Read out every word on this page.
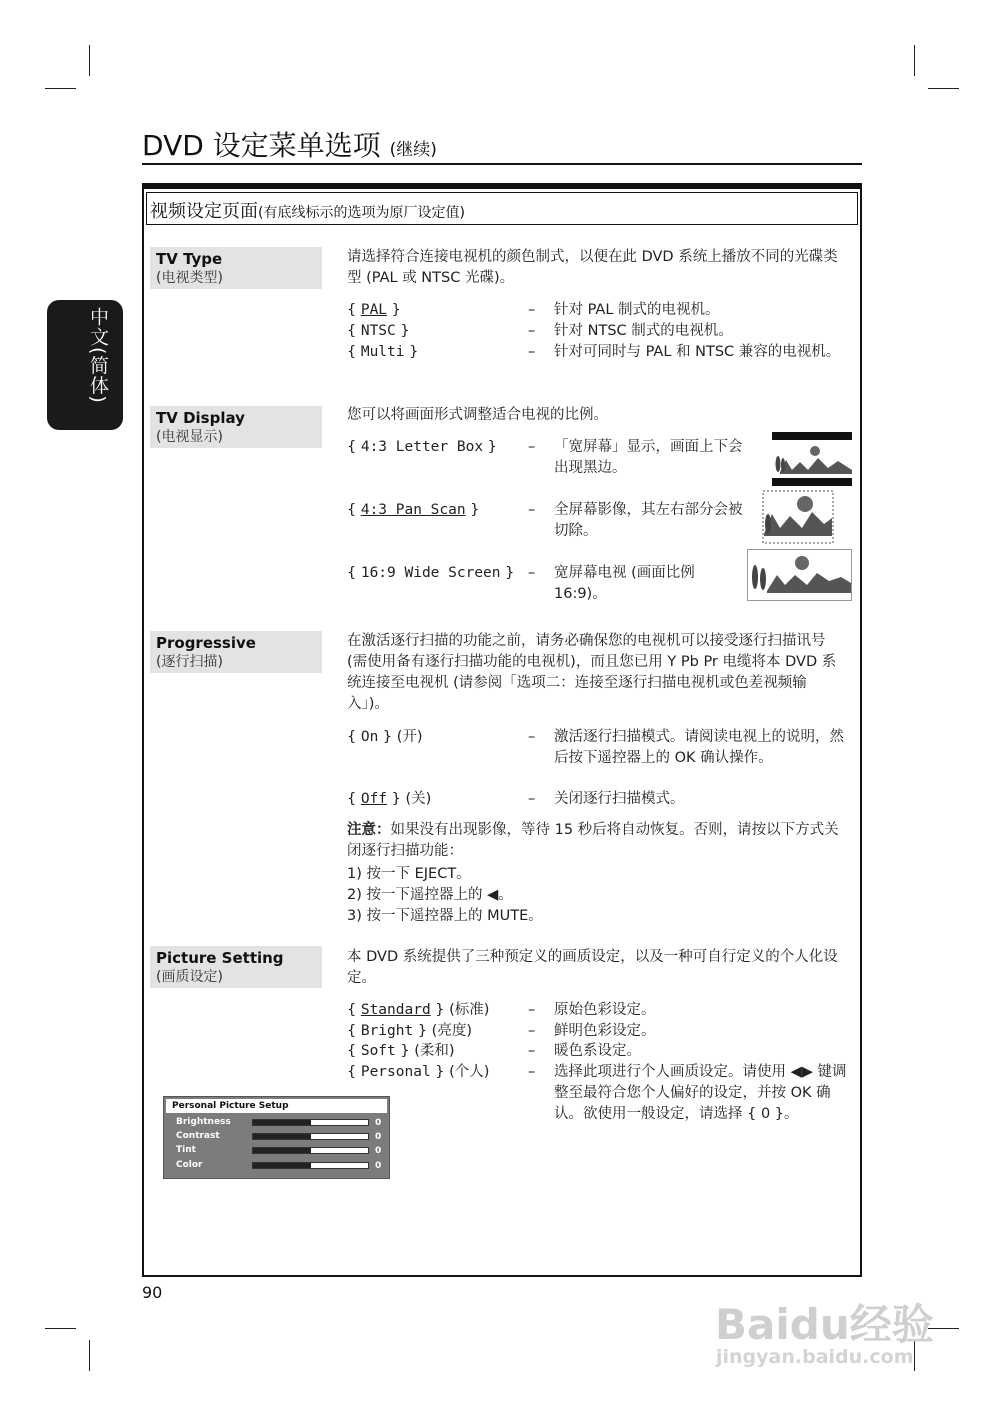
DVD 设定菜单选项 (继续)
中文(简体)
视频设定页面(有底线标示的选项为原厂设定值)
TV Type
(电视类型)
请选择符合连接电视机的颜色制式，以便在此 DVD 系统上播放不同的光碟类型 (PAL 或 NTSC 光碟)。
{ PAL }	– 针对 PAL 制式的电视机。
{ NTSC }	– 针对 NTSC 制式的电视机。
{ Multi }	– 针对可同时与 PAL 和 NTSC 兼容的电视机。
TV Display
(电视显示)
您可以将画面形式调整适合电视的比例。
{ 4:3 Letter Box } – 「宽屏幕」显示，画面上下会出现黑边。
{ 4:3 Pan Scan }	– 全屏幕影像，其左右部分会被切除。
{ 16:9 Wide Screen } – 宽屏幕电视 (画面比例 16:9)。
Progressive
(逐行扫描)
在激活逐行扫描的功能之前，请务必确保您的电视机可以接受逐行扫描讯号 (需使用备有逐行扫描功能的电视机)，而且您已用 Y Pb Pr 电缆将本 DVD 系统连接至电视机 (请参阅「选项二：连接至逐行扫描电视机或色差视频输入」)。
{ On } (开)	– 激活逐行扫描模式。请阅读电视上的说明，然后按下遥控器上的 OK 确认操作。
{ Off } (关)	– 关闭逐行扫描模式。
注意：如果没有出现影像，等待 15 秒后将自动恢复。否则，请按以下方式关闭逐行扫描功能：
1) 按一下 EJECT。
2) 按一下遥控器上的 ◀。
3) 按一下遥控器上的 MUTE。
Picture Setting
(画质设定)
本 DVD 系统提供了三种预定义的画质设定，以及一种可自行定义的个人化设定。
{ Standard } (标准)	– 原始色彩设定。
{ Bright } (亮度)	– 鲜明色彩设定。
{ Soft } (柔和)	– 暖色系设定。
{ Personal } (个人)	– 选择此项进行个人画质设定。请使用 ◀▶ 键调整至最符合您个人偏好的设定，并按 OK 确认。欲使用一般设定，请选择 { 0 }。
Personal Picture Setup
Brightness	0
Contrast	0
Tint	0
Color	0
90
Baidu经验
jingyan.baidu.com
